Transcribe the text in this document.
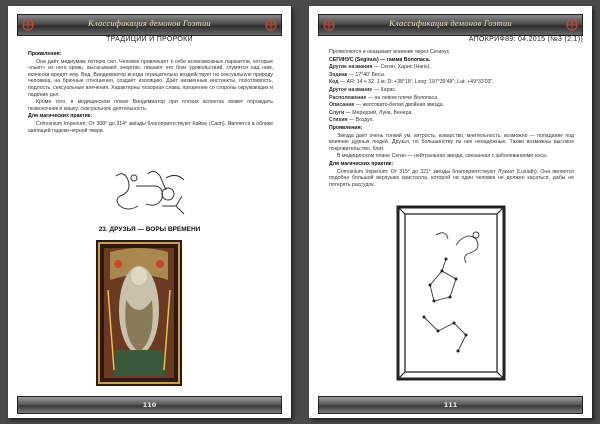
Классификация демонов Гоэтии
ТРАДИЦИИ И ПРОРОКИ

Проявления:

Она даёт медиумам потерю сил. Человек привлекает к себе всевозможных паразитов, которые «пьют» из него кровь, высасывают энергию, лишают его благ удовольствий, глумятся над ним, всячески вредят ему. Вед. Виндемиатор всегда отрицательно воздействует на сексуальную природу человека, на брачные отношения, создаёт изоляцию. Даёт низменные инстинкты, похотливость, подлость, сексуальные влечения. Характерны позорная слава, презрение со стороны окружающих и падение дел.

Кроме того, в медицинском плане Виндемиатор при плохих аспектах может порождать позвоночник и кишку, сексуальную деятельность.

Для магических практик:

Crimoinium Imperium: От 308° до 314° звёзды благоприятствуют Кайму (Caim). Является в облике шипящей гадюки черной твари.

23. ДРУЗЬЯ — ВОРЫ ВРЕМЕНИ
110
Классификация демонов Гоэтии
АПОКРИФ89: 04.2015 (№3 (2.1))

Проявляются и оказывает влияние через Сегинус

СЕГИНУС (Seginus) — гамма Волопаса.

Другие названия — Сегин, Харис (Haris).

Зодиак — 17°40' Весы.

Код — AR: 14 ч 32. 1 м; D: +38°18'; Long: 197°39'48"; Lat: +49°33'03".

Другое название — Харис.

Расположение — на левом плече Волопаса.

Описание — желтовато-белая двойная звезда.

Слуги — Меркурий, Луна, Венера.

Стихия — Воздух.

Проявления:

Звезда даёт очень тонкий ум, хитрость, коварство, мнительность, возможно — попадание под влияние дурных людей. Друзья, по большинству из них ненадёжные. Также возможны высокое покровительство, блат.

В медицинском плане Сегин — нейтральная звезда, связанная с заболеваниями носа.

Для магических практик:

Crimoinium Imperium: От 315° до 321° звёзды благоприятствуют Лузиат (Lusiath). Она является подобно большой верхушке кристалла, которой ни один человек не должен касаться, дабы не потерять рассудок.

111
